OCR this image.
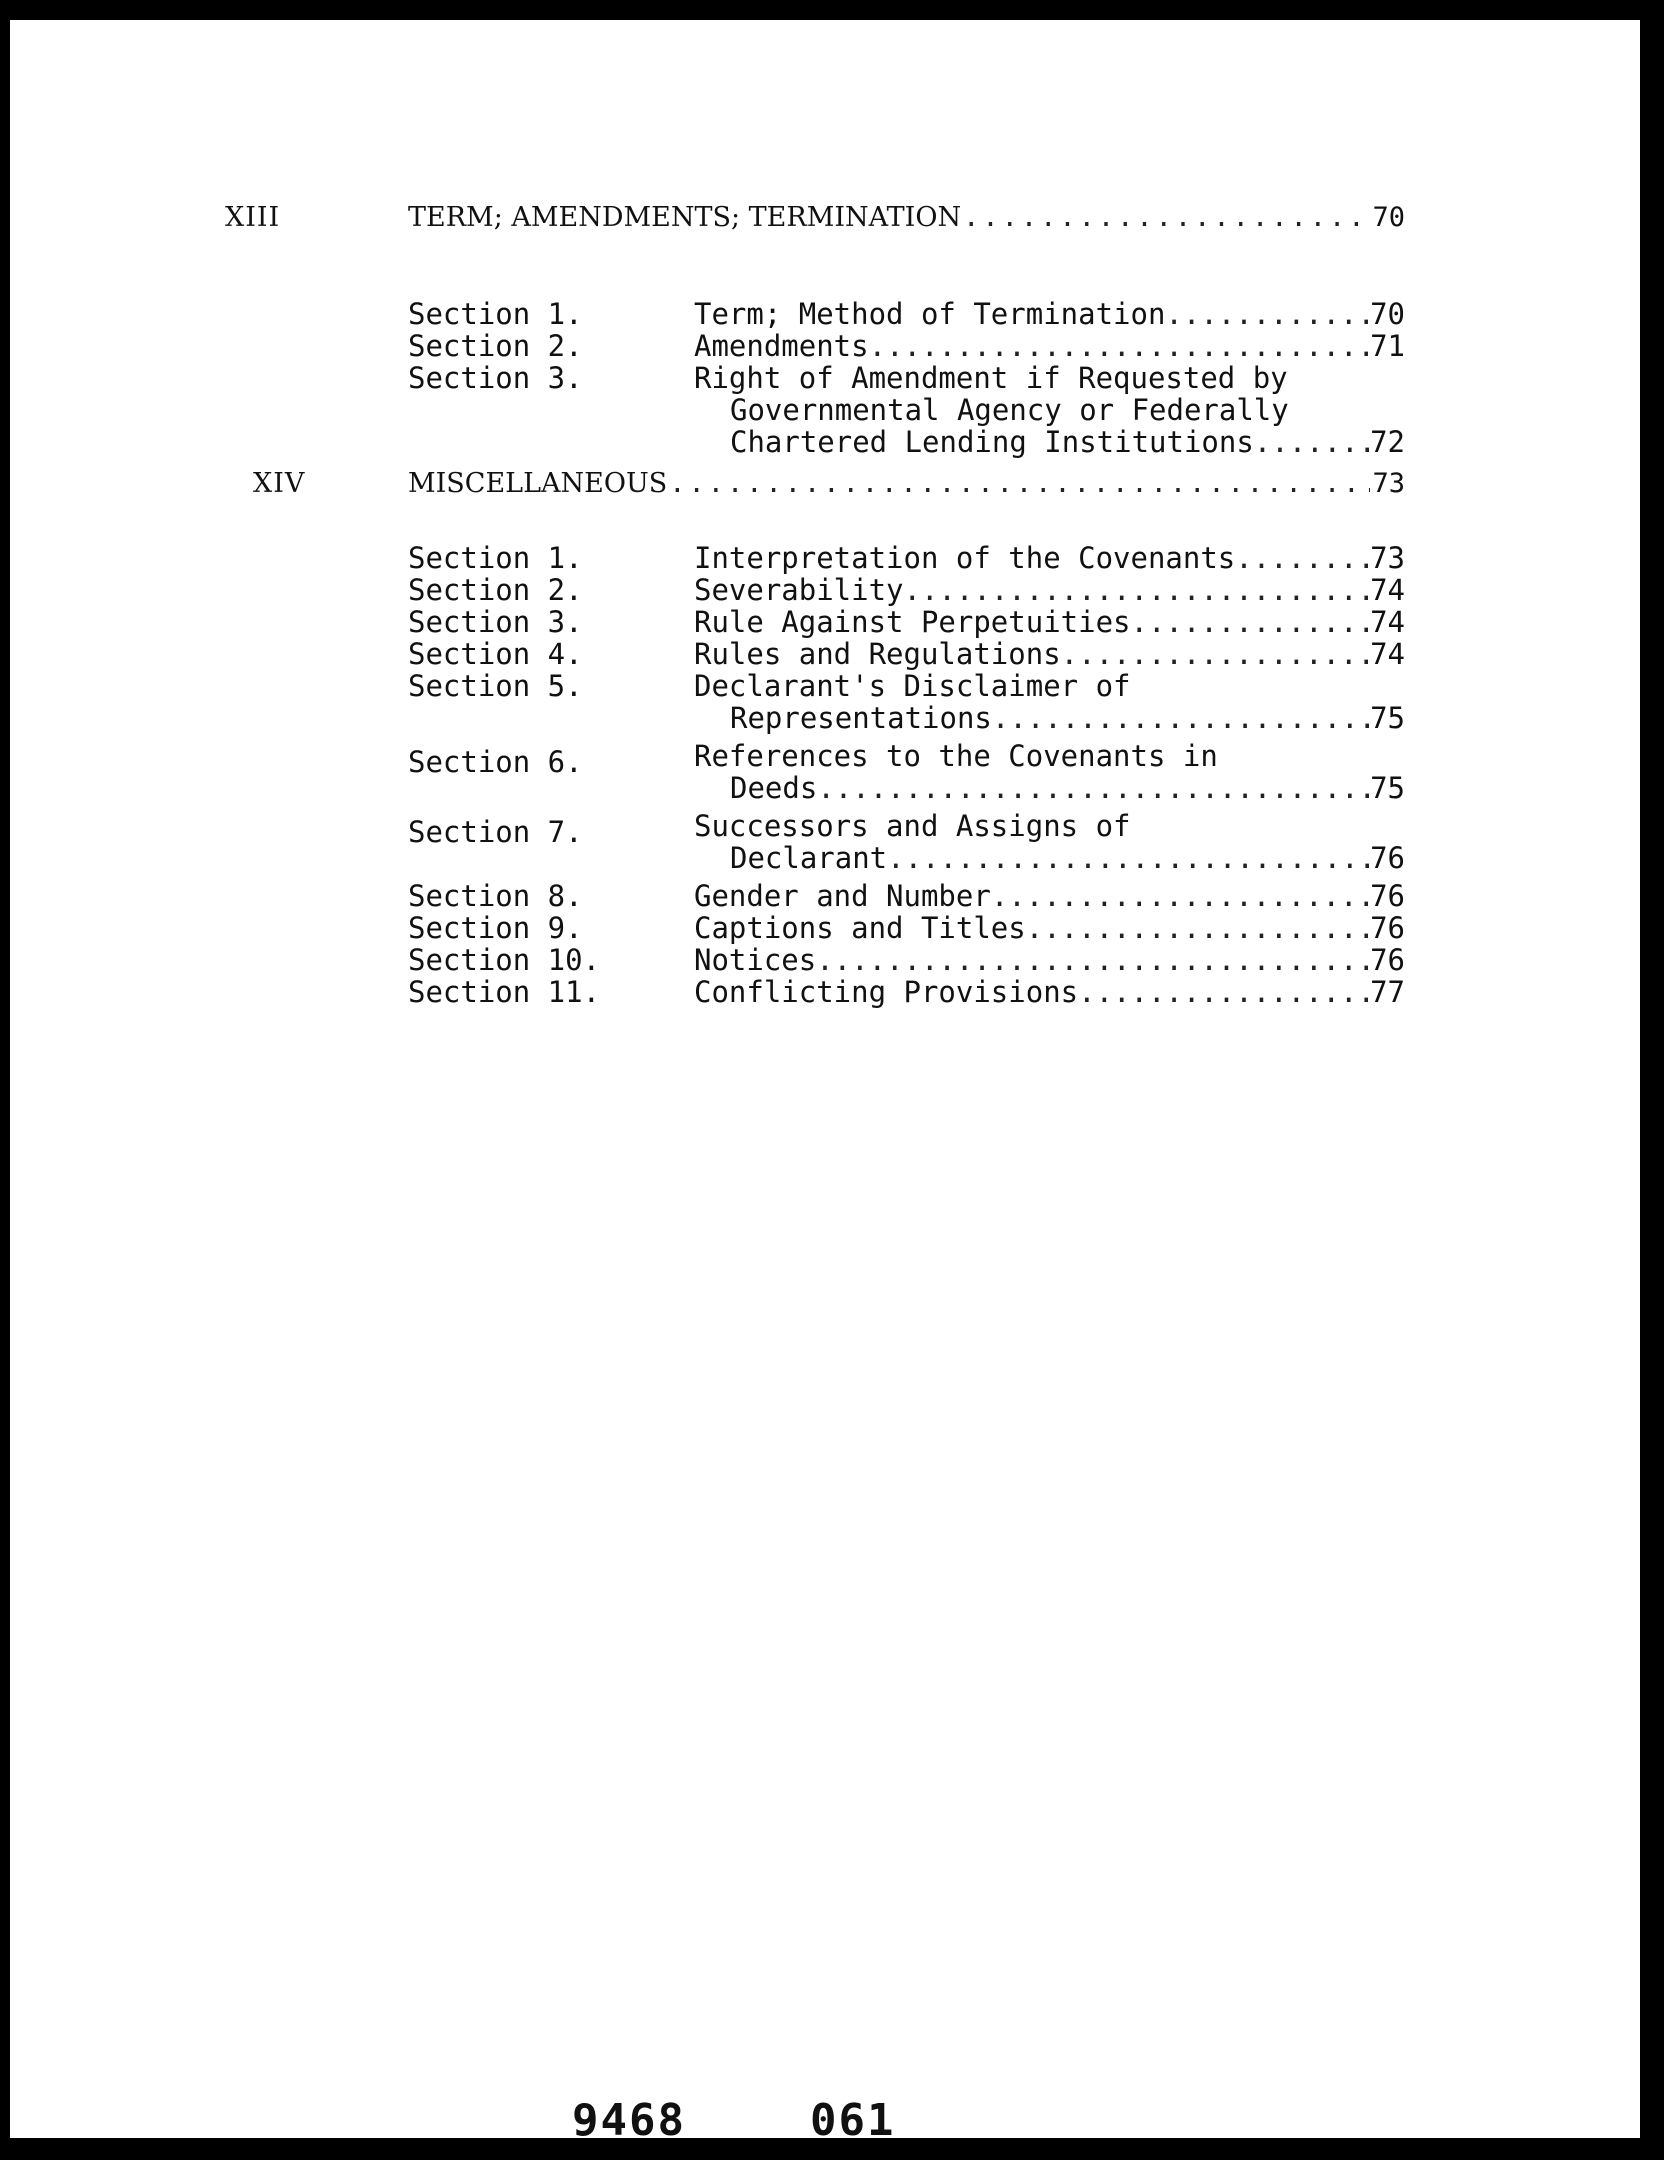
XIII	TERM; AMENDMENTS; TERMINATION .....	70
Section 1.	Term; Method of Termination .....	70
Section 2.	Amendments .....	71
Section 3.	Right of Amendment if Requested by
Governmental Agency or Federally
Chartered Lending Institutions .....	72
XIV	MISCELLANEOUS .....	73
Section 1.	Interpretation of the Covenants .....	73
Section 2.	Severability .....	74
Section 3.	Rule Against Perpetuities .....	74
Section 4.	Rules and Regulations .....	74
Section 5.	Declarant's Disclaimer of
Representations .....	75
Section 6.	References to the Covenants in
Deeds .....	75
Section 7.	Successors and Assigns of
Declarant .....	76
Section 8.	Gender and Number .....	76
Section 9.	Captions and Titles .....	76
Section 10.	Notices .....	76
Section 11.	Conflicting Provisions .....	77
9468	061
